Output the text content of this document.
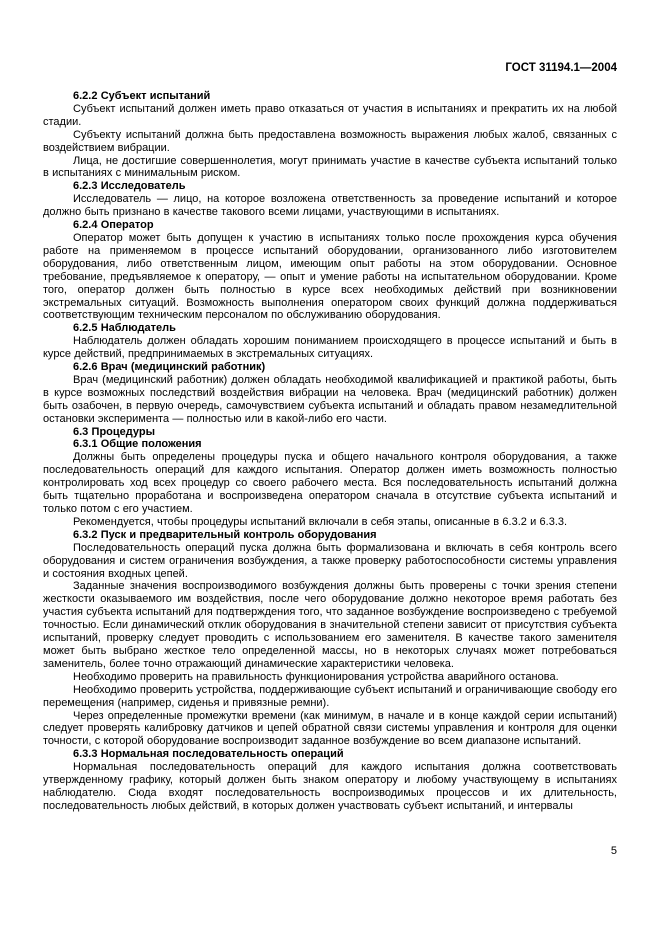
ГОСТ 31194.1—2004

6.2.2 Субъект испытаний

Субъект испытаний должен иметь право отказаться от участия в испытаниях и прекратить их на любой стадии.

Субъекту испытаний должна быть предоставлена возможность выражения любых жалоб, связанных с воздействием вибрации.

Лица, не достигшие совершеннолетия, могут принимать участие в качестве субъекта испытаний только в испытаниях с минимальным риском.

6.2.3 Исследователь

Исследователь — лицо, на которое возложена ответственность за проведение испытаний и которое должно быть признано в качестве такового всеми лицами, участвующими в испытаниях.

6.2.4 Оператор

Оператор может быть допущен к участию в испытаниях только после прохождения курса обучения работе на применяемом в процессе испытаний оборудовании, организованного либо изготовителем оборудования, либо ответственным лицом, имеющим опыт работы на этом оборудовании. Основное требование, предъявляемое к оператору, — опыт и умение работы на испытательном оборудовании. Кроме того, оператор должен быть полностью в курсе всех необходимых действий при возникновении экстремальных ситуаций. Возможность выполнения оператором своих функций должна поддерживаться соответствующим техническим персоналом по обслуживанию оборудования.

6.2.5 Наблюдатель

Наблюдатель должен обладать хорошим пониманием происходящего в процессе испытаний и быть в курсе действий, предпринимаемых в экстремальных ситуациях.

6.2.6 Врач (медицинский работник)

Врач (медицинский работник) должен обладать необходимой квалификацией и практикой работы, быть в курсе возможных последствий воздействия вибрации на человека. Врач (медицинский работник) должен быть озабочен, в первую очередь, самочувствием субъекта испытаний и обладать правом незамедлительной остановки эксперимента — полностью или в какой-либо его части.

6.3 Процедуры

6.3.1 Общие положения

Должны быть определены процедуры пуска и общего начального контроля оборудования, а также последовательность операций для каждого испытания. Оператор должен иметь возможность полностью контролировать ход всех процедур со своего рабочего места. Вся последовательность испытаний должна быть тщательно проработана и воспроизведена оператором сначала в отсутствие субъекта испытаний и только потом с его участием.

Рекомендуется, чтобы процедуры испытаний включали в себя этапы, описанные в 6.3.2 и 6.3.3.

6.3.2 Пуск и предварительный контроль оборудования

Последовательность операций пуска должна быть формализована и включать в себя контроль всего оборудования и систем ограничения возбуждения, а также проверку работоспособности системы управления и состояния входных цепей.

Заданные значения воспроизводимого возбуждения должны быть проверены с точки зрения степени жесткости оказываемого им воздействия, после чего оборудование должно некоторое время работать без участия субъекта испытаний для подтверждения того, что заданное возбуждение воспроизведено с требуемой точностью. Если динамический отклик оборудования в значительной степени зависит от присутствия субъекта испытаний, проверку следует проводить с использованием его заменителя. В качестве такого заменителя может быть выбрано жесткое тело определенной массы, но в некоторых случаях может потребоваться заменитель, более точно отражающий динамические характеристики человека.

Необходимо проверить на правильность функционирования устройства аварийного останова.

Необходимо проверить устройства, поддерживающие субъект испытаний и ограничивающие свободу его перемещения (например, сиденья и привязные ремни).

Через определенные промежутки времени (как минимум, в начале и в конце каждой серии испытаний) следует проверять калибровку датчиков и цепей обратной связи системы управления и контроля для оценки точности, с которой оборудование воспроизводит заданное возбуждение во всем диапазоне испытаний.

6.3.3 Нормальная последовательность операций

Нормальная последовательность операций для каждого испытания должна соответствовать утвержденному графику, который должен быть знаком оператору и любому участвующему в испытаниях наблюдателю. Сюда входят последовательность воспроизводимых процессов и их длительность, последовательность любых действий, в которых должен участвовать субъект испытаний, и интервалы

5
